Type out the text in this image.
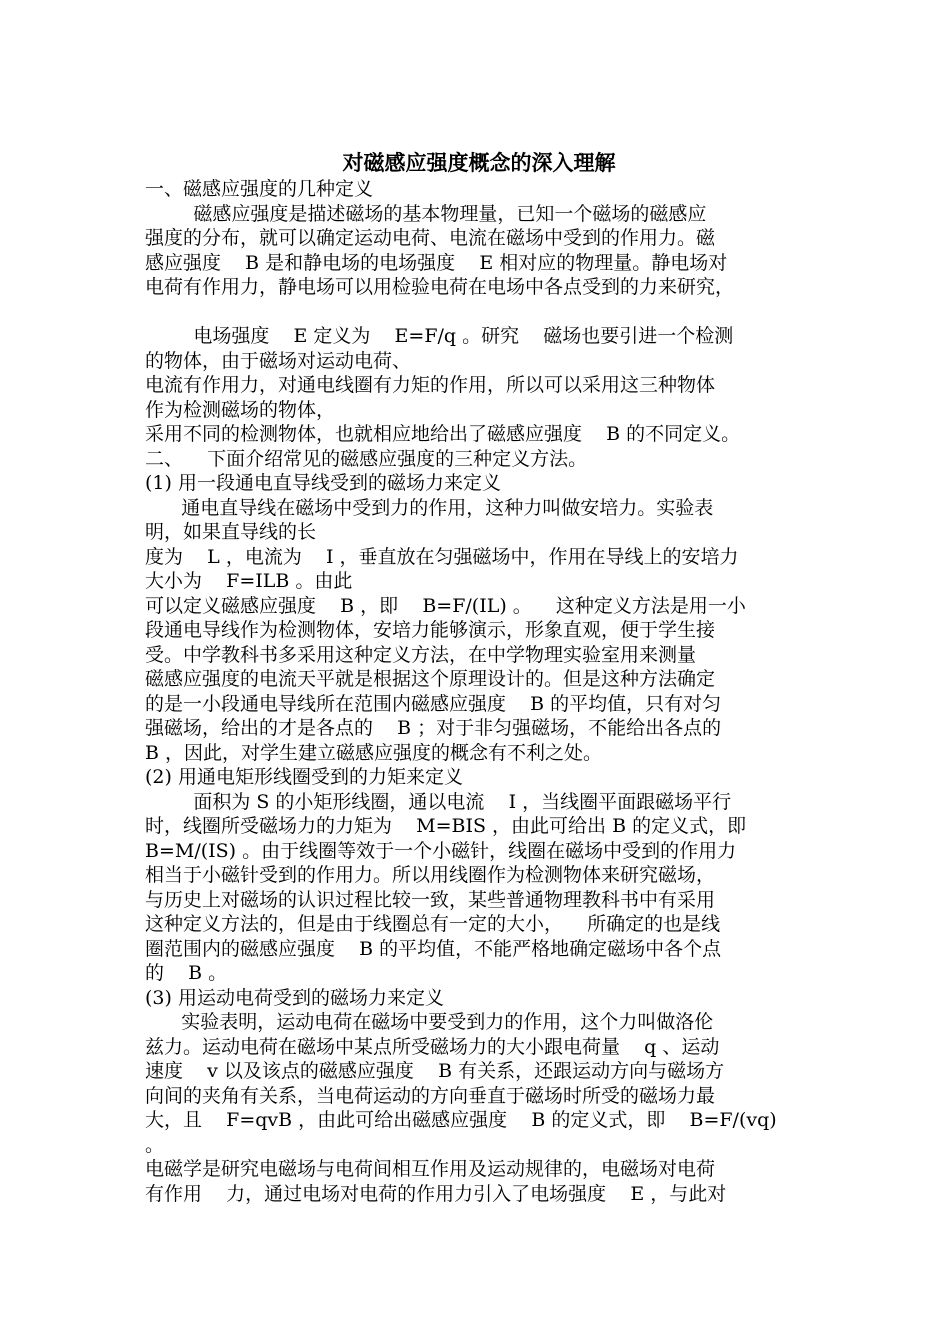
对磁感应强度概念的深入理解
一、磁感应强度的几种定义
磁感应强度是描述磁场的基本物理量，已知一个磁场的磁感应
强度的分布，就可以确定运动电荷、电流在磁场中受到的作用力。磁
感应强度    B 是和静电场的电场强度    E 相对应的物理量。静电场对
电荷有作用力，静电场可以用检验电荷在电场中各点受到的力来研究，
电场强度    E 定义为    E=F/q 。研究    磁场也要引进一个检测
的物体，由于磁场对运动电荷、
电流有作用力，对通电线圈有力矩的作用，所以可以采用这三种物体
作为检测磁场的物体，
采用不同的检测物体，也就相应地给出了磁感应强度    B 的不同定义。
二、    下面介绍常见的磁感应强度的三种定义方法。
(1) 用一段通电直导线受到的磁场力来定义
通电直导线在磁场中受到力的作用，这种力叫做安培力。实验表
明，如果直导线的长
度为    L ，电流为    I ，垂直放在匀强磁场中，作用在导线上的安培力
大小为    F=ILB 。由此
可以定义磁感应强度    B ，即    B=F/(IL) 。    这种定义方法是用一小
段通电导线作为检测物体，安培力能够演示，形象直观，便于学生接
受。中学教科书多采用这种定义方法，在中学物理实验室用来测量
磁感应强度的电流天平就是根据这个原理设计的。但是这种方法确定
的是一小段通电导线所在范围内磁感应强度    B 的平均值，只有对匀
强磁场，给出的才是各点的    B ；对于非匀强磁场，不能给出各点的
B ，因此，对学生建立磁感应强度的概念有不利之处。
(2) 用通电矩形线圈受到的力矩来定义
面积为 S 的小矩形线圈，通以电流    I ，当线圈平面跟磁场平行
时，线圈所受磁场力的力矩为    M=BIS ，由此可给出 B 的定义式，即
B=M/(IS) 。由于线圈等效于一个小磁针，线圈在磁场中受到的作用力
相当于小磁针受到的作用力。所以用线圈作为检测物体来研究磁场，
与历史上对磁场的认识过程比较一致，某些普通物理教科书中有采用
这种定义方法的，但是由于线圈总有一定的大小，    所确定的也是线
圈范围内的磁感应强度    B 的平均值，不能严格地确定磁场中各个点
的    B 。
(3) 用运动电荷受到的磁场力来定义
实验表明，运动电荷在磁场中要受到力的作用，这个力叫做洛伦
兹力。运动电荷在磁场中某点所受磁场力的大小跟电荷量    q 、运动
速度    v 以及该点的磁感应强度    B 有关系，还跟运动方向与磁场方
向间的夹角有关系，当电荷运动的方向垂直于磁场时所受的磁场力最
大，且    F=qvB ，由此可给出磁感应强度    B 的定义式，即    B=F/(vq)
。
电磁学是研究电磁场与电荷间相互作用及运动规律的，电磁场对电荷
有作用    力，通过电场对电荷的作用力引入了电场强度    E ，与此对
